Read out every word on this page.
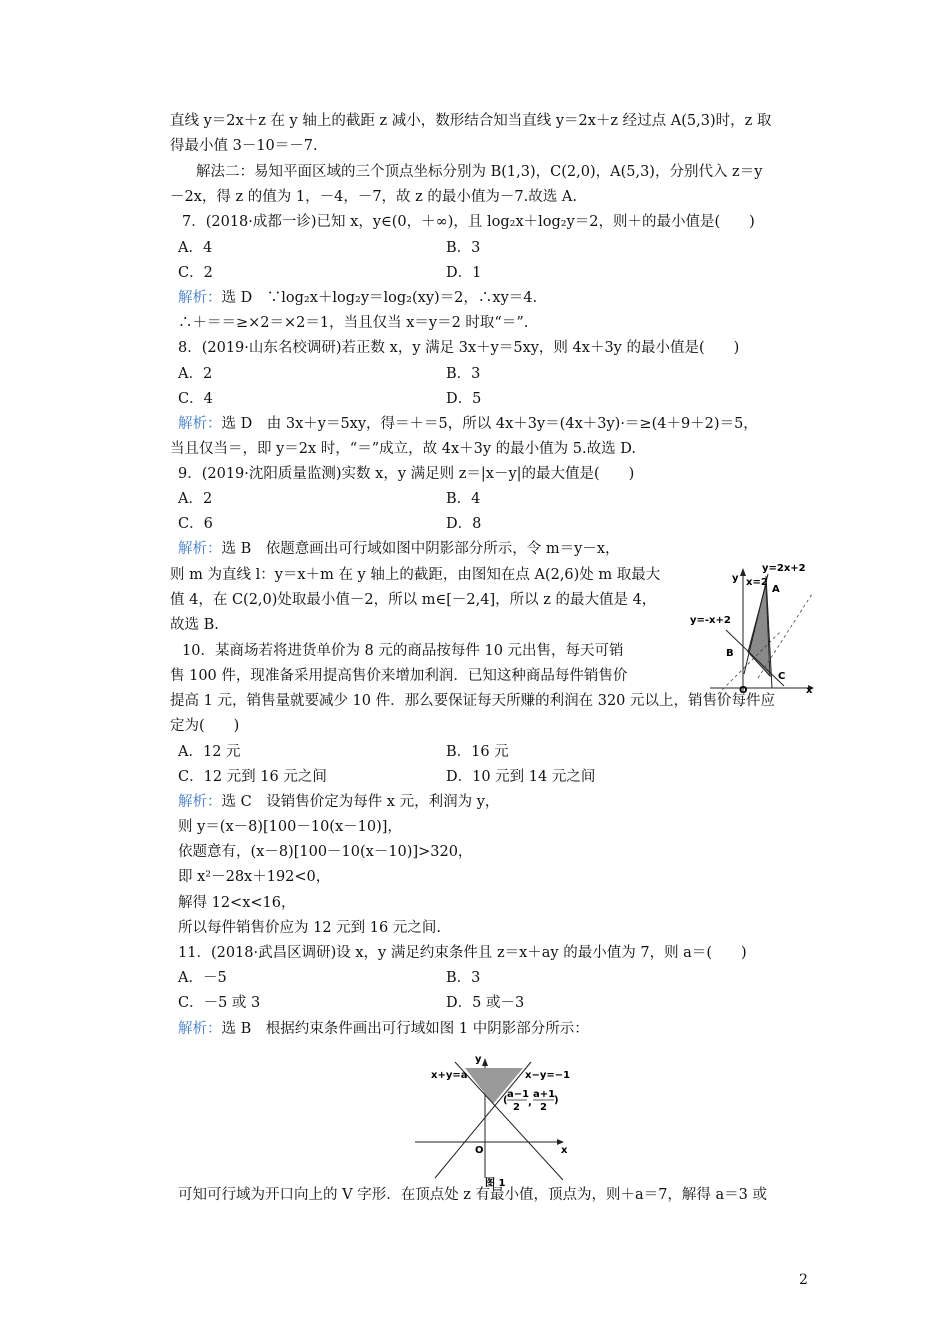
直线 y＝2x＋z 在 y 轴上的截距 z 减小，数形结合知当直线 y＝2x＋z 经过点 A(5,3)时，z 取
得最小值 3－10＝－7.
解法二：易知平面区域的三个顶点坐标分别为 B(1,3)，C(2,0)，A(5,3)，分别代入 z＝y
－2x，得 z 的值为 1，－4，－7，故 z 的最小值为－7.故选 A.
7．(2018·成都一诊)已知 x，y∈(0，＋∞)，且 log₂x＋log₂y＝2，则＋的最小值是(　　)
解析：选 D　∵log₂x＋log₂y＝log₂(xy)＝2，∴xy＝4.
∴＋＝＝≥×2＝×2＝1，当且仅当 x＝y＝2 时取“＝”.
8．(2019·山东名校调研)若正数 x，y 满足 3x＋y＝5xy，则 4x＋3y 的最小值是(　　)
解析：选 D　由 3x＋y＝5xy，得＝＋＝5，所以 4x＋3y＝(4x＋3y)·＝≥(4＋9＋2)＝5，
当且仅当＝，即 y＝2x 时，“＝”成立，故 4x＋3y 的最小值为 5.故选 D.
9．(2019·沈阳质量监测)实数 x，y 满足则 z＝|x－y|的最大值是(　　)
解析：选 B　依题意画出可行域如图中阴影部分所示，令 m＝y－x，
则 m 为直线 l：y＝x＋m 在 y 轴上的截距，由图知在点 A(2,6)处 m 取最大
值 4，在 C(2,0)处取最小值－2，所以 m∈[－2,4]，所以 z 的最大值是 4，
故选 B.
10．某商场若将进货单价为 8 元的商品按每件 10 元出售，每天可销
售 100 件，现准备采用提高售价来增加利润．已知这种商品每件销售价
提高 1 元，销售量就要减少 10 件．那么要保证每天所赚的利润在 320 元以上，销售价每件应
定为(　　)
解析：选 C　设销售价定为每件 x 元，利润为 y，
则 y＝(x－8)[100－10(x－10)]，
依题意有，(x－8)[100－10(x－10)]>320，
即 x²－28x＋192<0，
解得 12<x<16，
所以每件销售价应为 12 元到 16 元之间.
11．(2018·武昌区调研)设 x，y 满足约束条件且 z＝x＋ay 的最小值为 7，则 a＝(　　)
解析：选 B　根据约束条件画出可行域如图 1 中阴影部分所示：
可知可行域为开口向上的 V 字形．在顶点处 z 有最小值，顶点为，则＋a＝7，解得 a＝3 或
A．4	B．3
C．2	D．1
A．2	B．3
C．4	D．5
A．2	B．4
C．6	D．8
A．12 元	B．16 元
C．12 元到 16 元之间	D．10 元到 14 元之间
A．－5	B．3
C．－5 或 3	D．5 或－3
y=2x+2
x=2
y=-x+2
A
B
C
O	x
y
x+y=a	x−y=−1
(
a−1
2 ,
a+1
2
)
O	x
y
图 1
2
